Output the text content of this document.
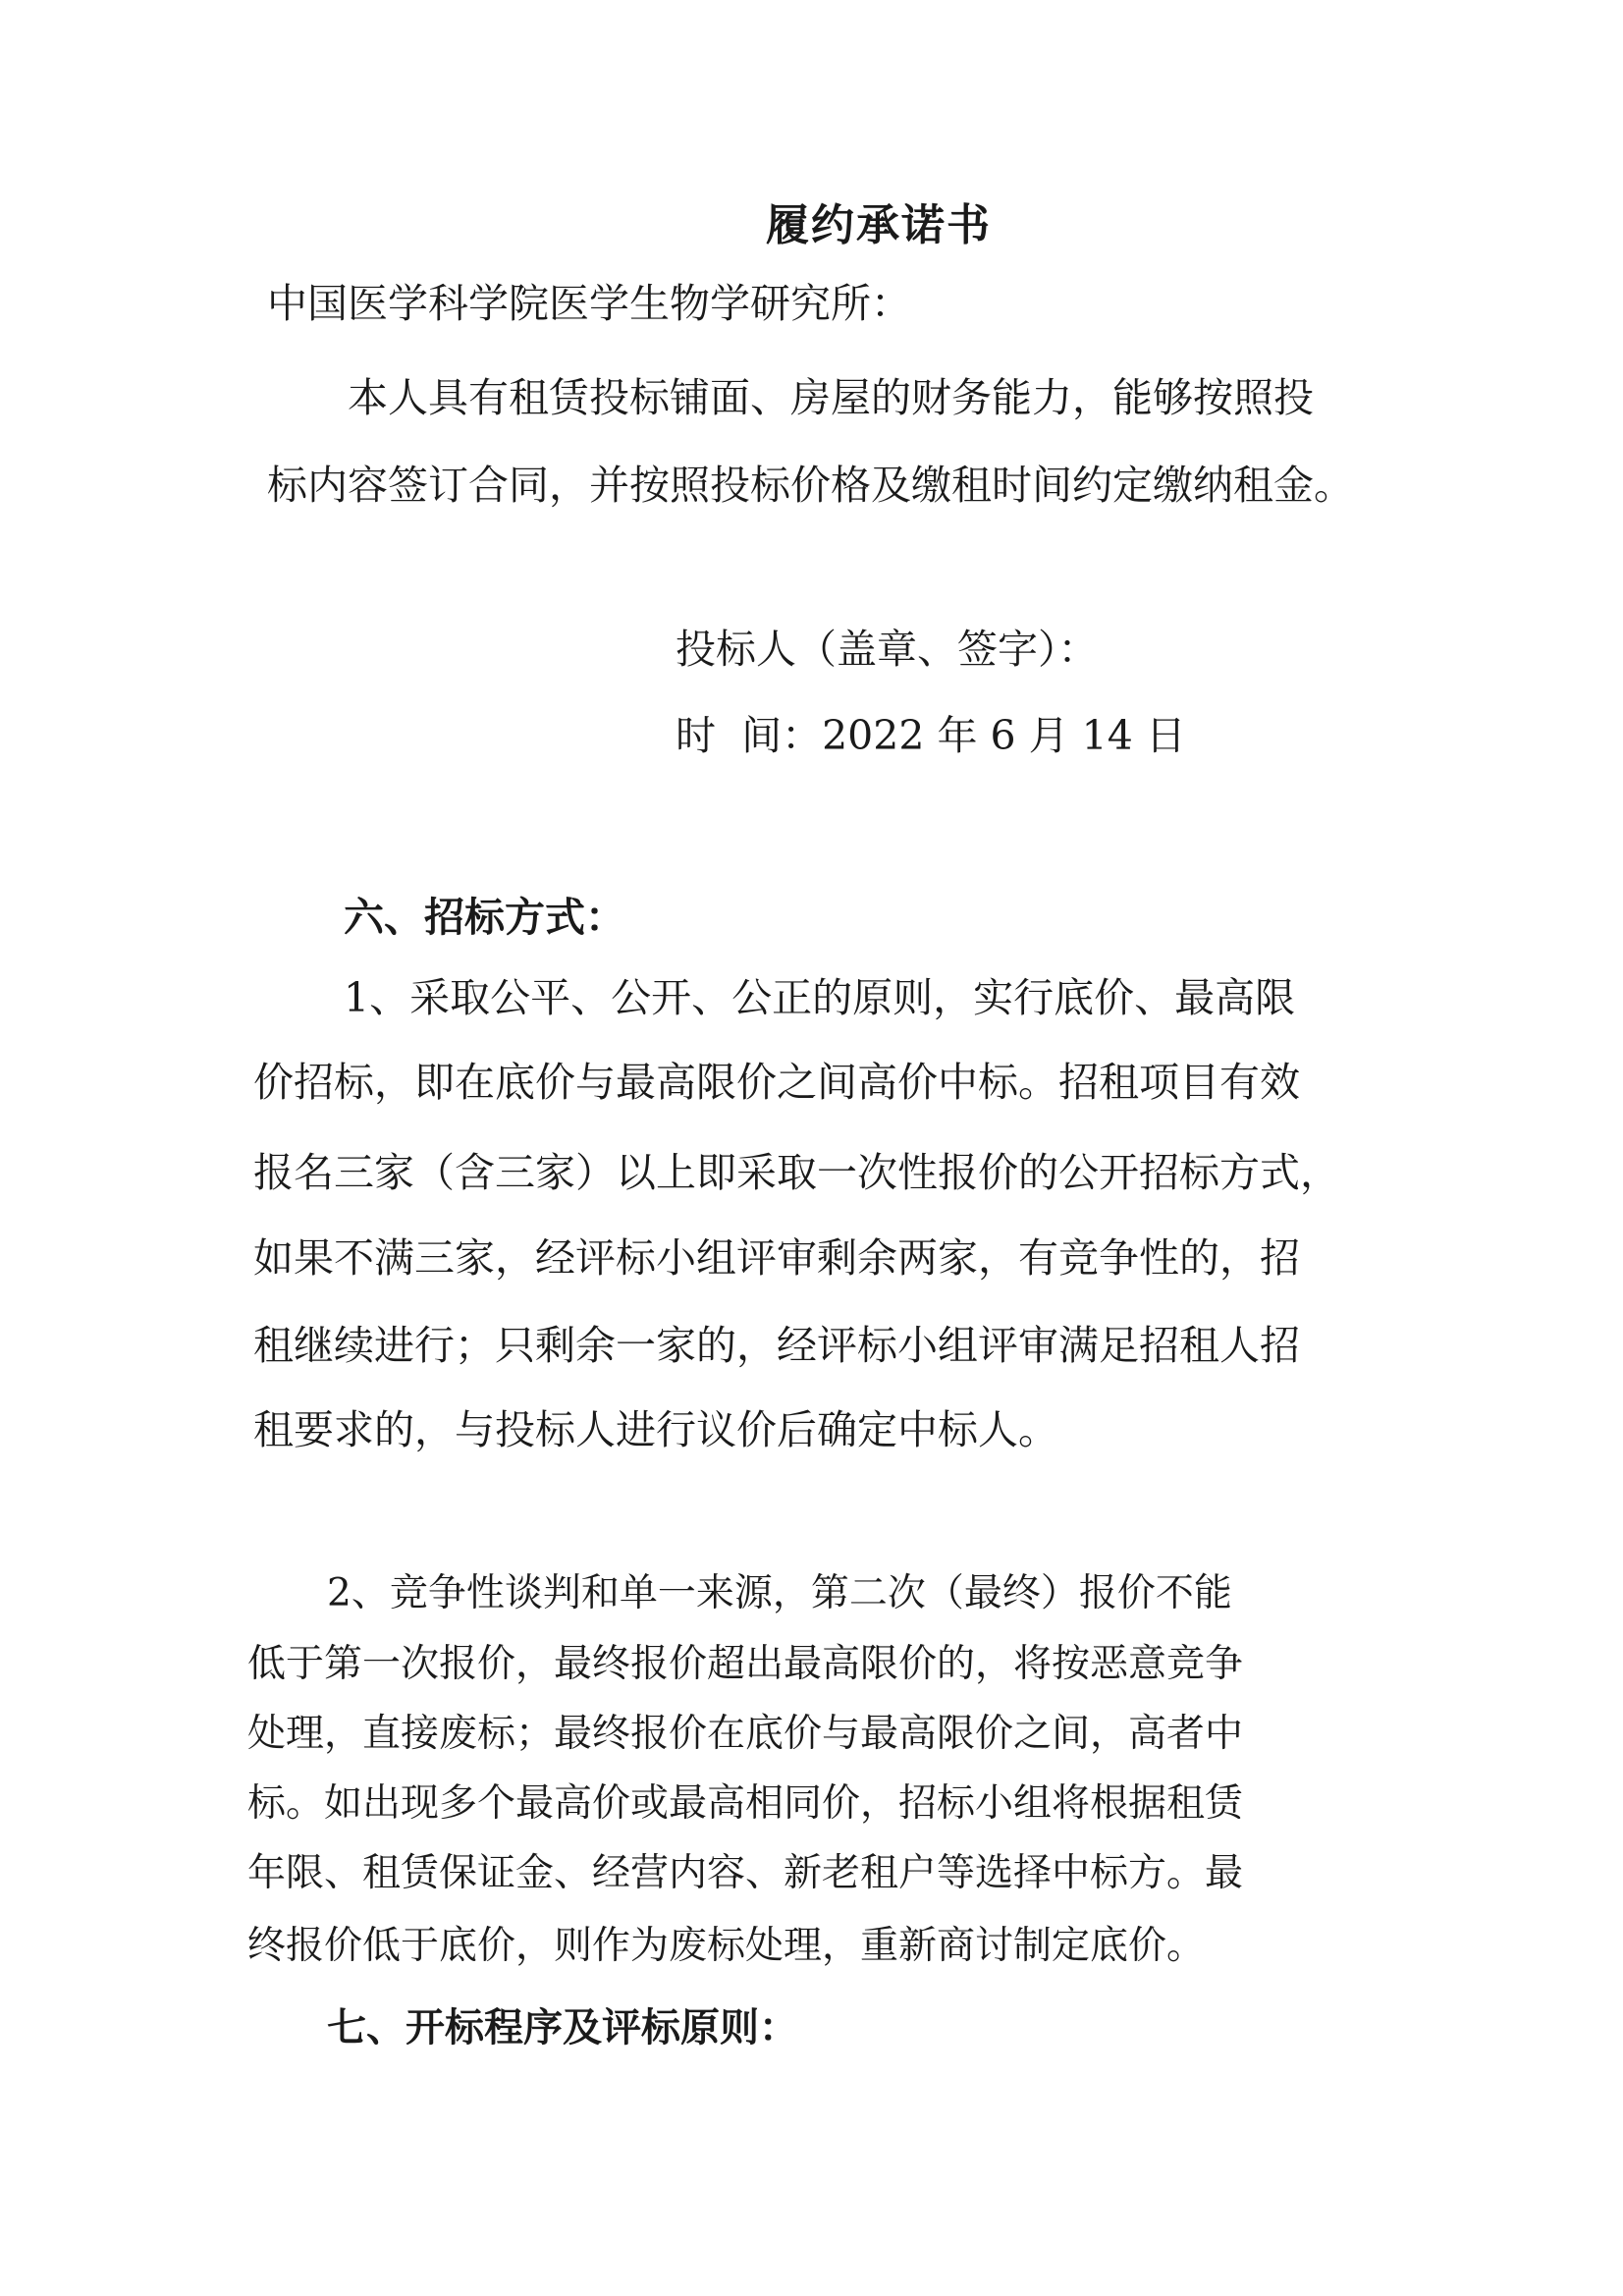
履约承诺书
中国医学科学院医学生物学研究所：
本人具有租赁投标铺面、房屋的财务能力，能够按照投
标内容签订合同，并按照投标价格及缴租时间约定缴纳租金。
投标人（盖章、签字）：
时  间：2022 年 6 月 14 日
六、招标方式：
1、采取公平、公开、公正的原则，实行底价、最高限
价招标，即在底价与最高限价之间高价中标。招租项目有效
报名三家（含三家）以上即采取一次性报价的公开招标方式，
如果不满三家，经评标小组评审剩余两家，有竞争性的，招
租继续进行；只剩余一家的，经评标小组评审满足招租人招
租要求的，与投标人进行议价后确定中标人。
2、竞争性谈判和单一来源，第二次（最终）报价不能
低于第一次报价，最终报价超出最高限价的，将按恶意竞争
处理，直接废标；最终报价在底价与最高限价之间，高者中
标。如出现多个最高价或最高相同价，招标小组将根据租赁
年限、租赁保证金、经营内容、新老租户等选择中标方。最
终报价低于底价，则作为废标处理，重新商讨制定底价。
七、开标程序及评标原则：
